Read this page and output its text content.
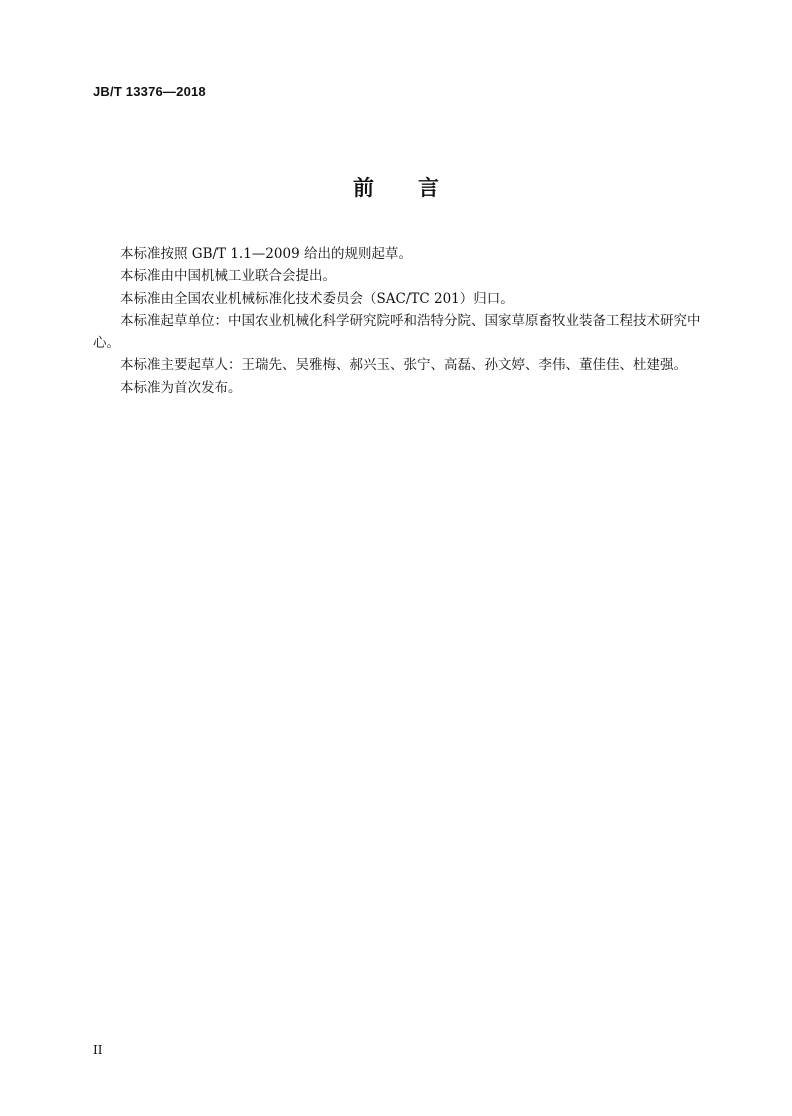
JB/T 13376—2018
前 言

本标准按照 GB/T 1.1—2009 给出的规则起草。

本标准由中国机械工业联合会提出。

本标准由全国农业机械标准化技术委员会（SAC/TC 201）归口。

本标准起草单位：中国农业机械化科学研究院呼和浩特分院、国家草原畜牧业装备工程技术研究中心。

本标准主要起草人：王瑞先、吴雅梅、郝兴玉、张宁、高磊、孙文婷、李伟、董佳佳、杜建强。

本标准为首次发布。

II
